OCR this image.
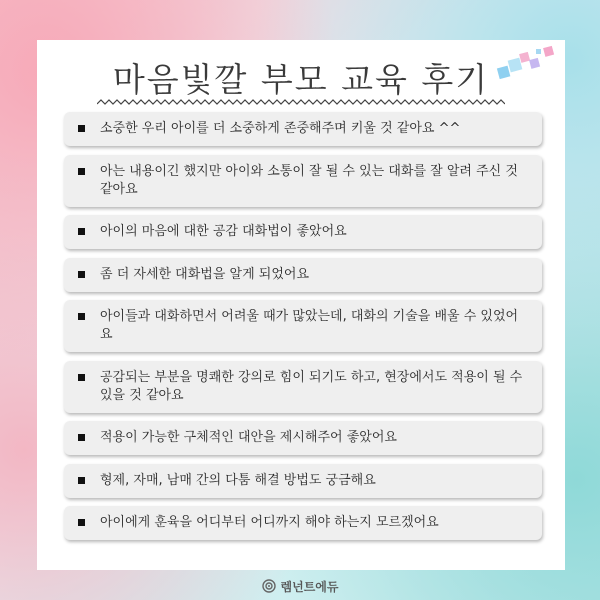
마음빛깔 부모 교육 후기
소중한 우리 아이를 더 소중하게 존중해주며 키울 것 같아요 ^^
아는 내용이긴 했지만 아이와 소통이 잘 될 수 있는 대화를 잘 알려 주신 것 같아요
아이의 마음에 대한 공감 대화법이 좋았어요
좀 더 자세한 대화법을 알게 되었어요
아이들과 대화하면서 어려울 때가 많았는데, 대화의 기술을 배울 수 있었어요
공감되는 부분을 명쾌한 강의로 힘이 되기도 하고, 현장에서도 적용이 될 수 있을 것 같아요
적용이 가능한 구체적인 대안을 제시해주어 좋았어요
형제, 자매, 남매 간의 다툼 해결 방법도 궁금해요
아이에게 훈육을 어디부터 어디까지 해야 하는지 모르겠어요
렘넌트에듀
